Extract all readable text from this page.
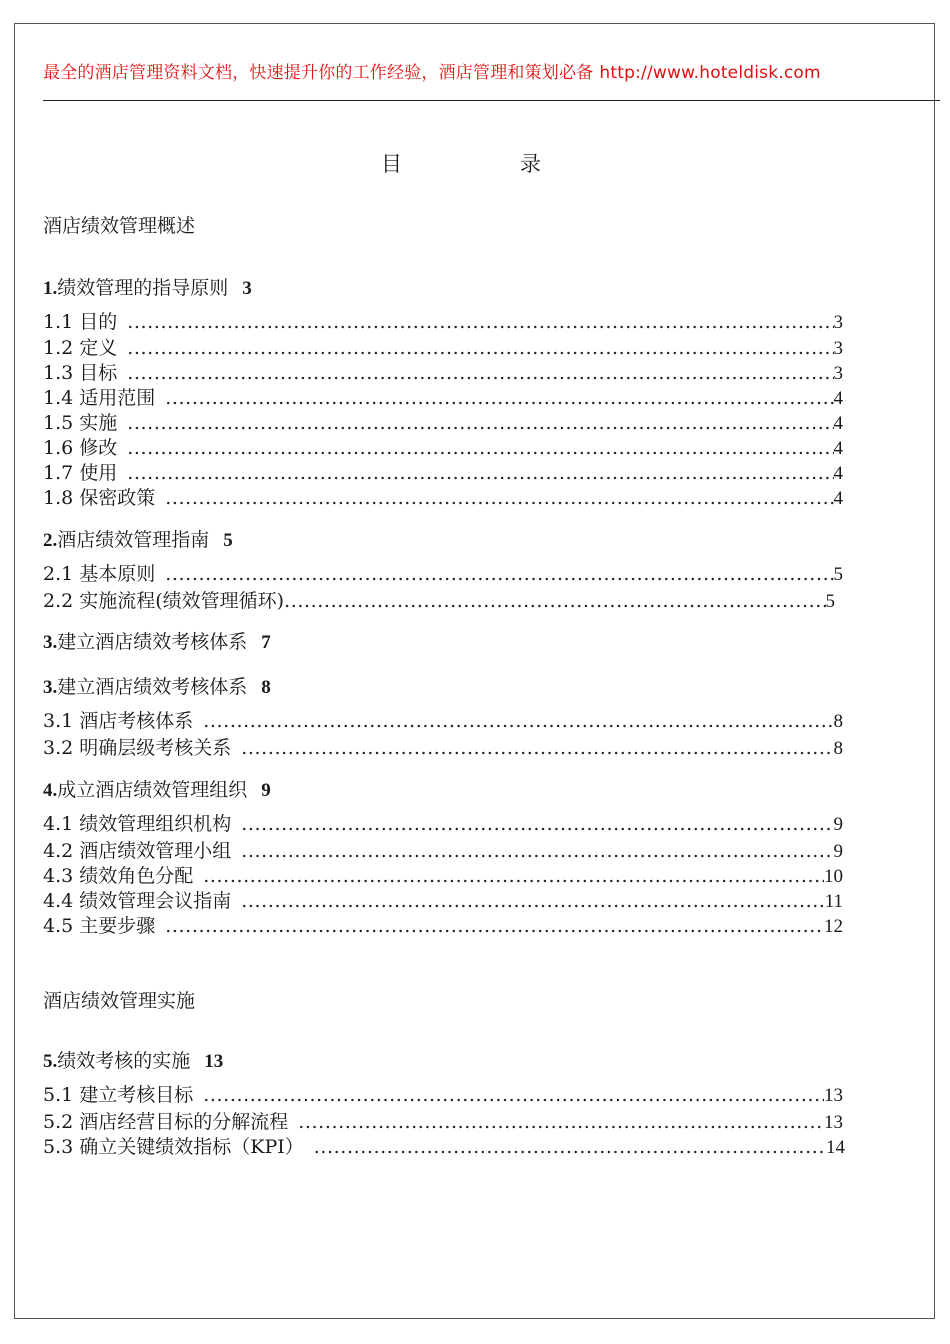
最全的酒店管理资料文档，快速提升你的工作经验，酒店管理和策划必备 http://www.hoteldisk.com
目	录
酒店绩效管理概述
1.绩效管理的指导原则 3
1.1 目的 .....	3
1.2 定义 .....	3
1.3 目标 .....	3
1.4 适用范围 .....	4
1.5 实施 .....	4
1.6 修改 .....	4
1.7 使用 .....	4
1.8 保密政策 .....	4
2.酒店绩效管理指南 5
2.1 基本原则 .....	5
2.2 实施流程(绩效管理循环) .....	5
3.建立酒店绩效考核体系 7
3.建立酒店绩效考核体系 8
3.1 酒店考核体系 .....	8
3.2 明确层级考核关系 .....	8
4.成立酒店绩效管理组织 9
4.1 绩效管理组织机构 .....	9
4.2 酒店绩效管理小组 .....	9
4.3 绩效角色分配 .....	10
4.4 绩效管理会议指南 .....	11
4.5 主要步骤 .....	12
酒店绩效管理实施
5.绩效考核的实施 13
5.1 建立考核目标 .....	13
5.2 酒店经营目标的分解流程 .....	13
5.3 确立关键绩效指标（KPI） .....	14
